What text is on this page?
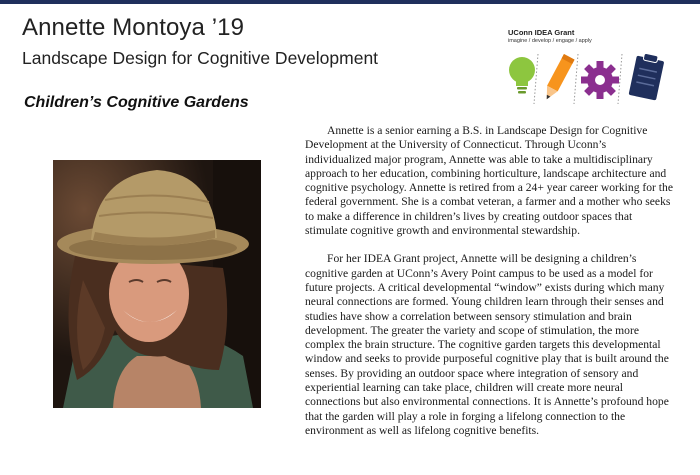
Annette Montoya ’19
Landscape Design for Cognitive Development
Children’s Cognitive Gardens
UConn IDEA Grant
imagine / develop / engage / apply

Annette is a senior earning a B.S. in Landscape Design for Cognitive Development at the University of Connecticut. Through Uconn’s individualized major program, Annette was able to take a multidisciplinary approach to her education, combining horticulture, landscape architecture and cognitive psychology. Annette is retired from a 24+ year career working for the federal government. She is a combat veteran, a farmer and a mother who seeks to make a difference in children’s lives by creating outdoor spaces that stimulate cognitive growth and environmental stewardship.

For her IDEA Grant project, Annette will be designing a children’s cognitive garden at UConn’s Avery Point campus to be used as a model for future projects. A critical developmental “window” exists during which many neural connections are formed. Young children learn through their senses and studies have show a correlation between sensory stimulation and brain development. The greater the variety and scope of stimulation, the more complex the brain structure. The cognitive garden targets this developmental window and seeks to provide purposeful cognitive play that is built around the senses. By providing an outdoor space where integration of sensory and experiential learning can take place, children will create more neural connections but also environmental connections. It is Annette’s profound hope that the garden will play a role in forging a lifelong connection to the environment as well as lifelong cognitive benefits.
